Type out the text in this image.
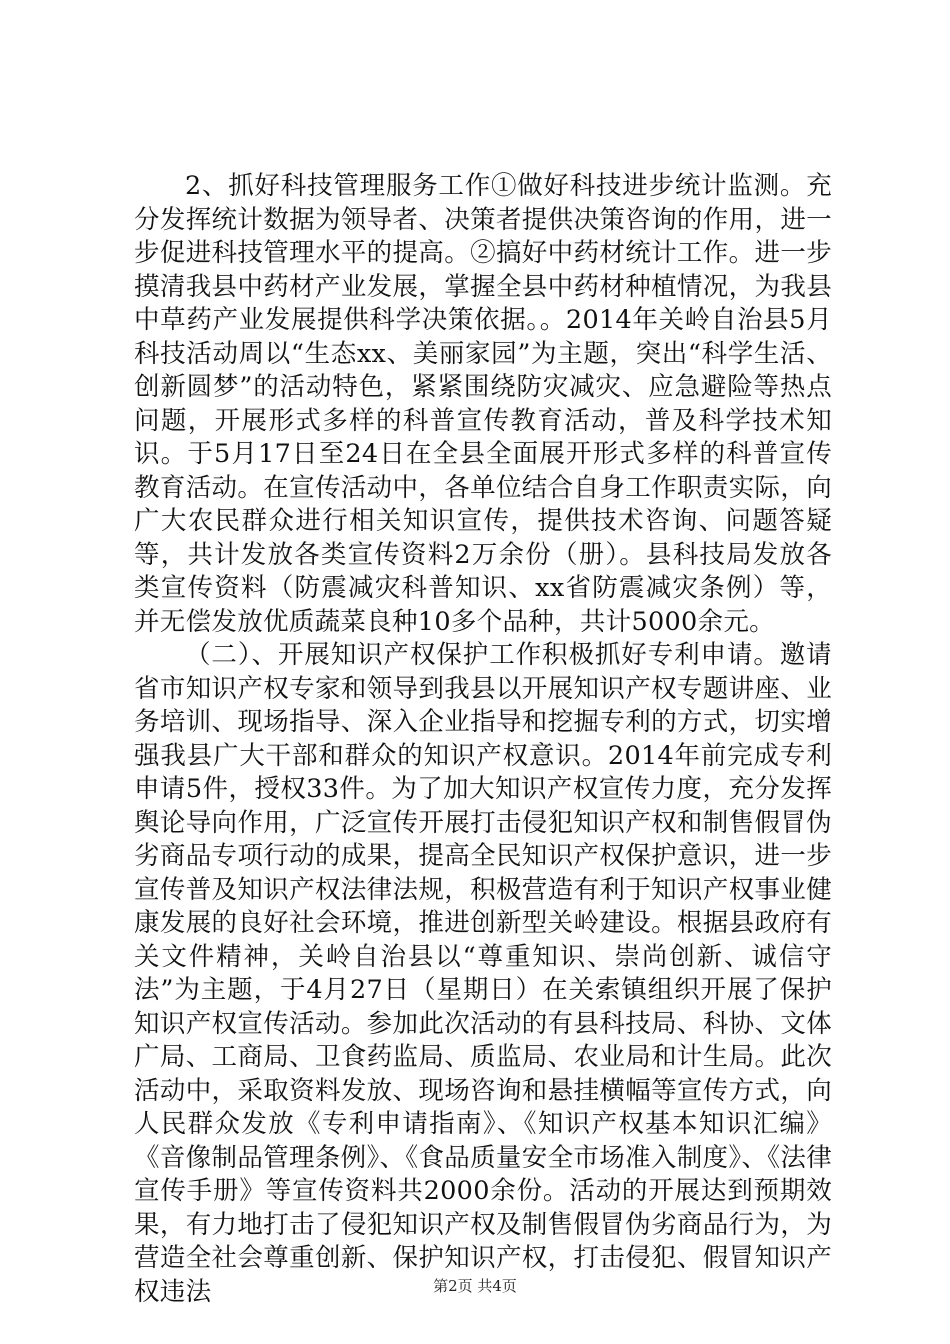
2、抓好科技管理服务工作①做好科技进步统计监测。充分发挥统计数据为领导者、决策者提供决策咨询的作用，进一步促进科技管理水平的提高。②搞好中药材统计工作。进一步摸清我县中药材产业发展，掌握全县中药材种植情况，为我县中草药产业发展提供科学决策依据。。2014年关岭自治县5月科技活动周以“生态xx、美丽家园”为主题，突出“科学生活、创新圆梦”的活动特色，紧紧围绕防灾减灾、应急避险等热点问题，开展形式多样的科普宣传教育活动，普及科学技术知识。于5月17日至24日在全县全面展开形式多样的科普宣传教育活动。在宣传活动中，各单位结合自身工作职责实际，向广大农民群众进行相关知识宣传，提供技术咨询、问题答疑等，共计发放各类宣传资料2万余份（册）。县科技局发放各类宣传资料（防震减灾科普知识、xx省防震减灾条例）等，并无偿发放优质蔬菜良种10多个品种，共计5000余元。

（二）、开展知识产权保护工作积极抓好专利申请。邀请省市知识产权专家和领导到我县以开展知识产权专题讲座、业务培训、现场指导、深入企业指导和挖掘专利的方式，切实增强我县广大干部和群众的知识产权意识。2014年前完成专利申请5件，授权33件。为了加大知识产权宣传力度，充分发挥舆论导向作用，广泛宣传开展打击侵犯知识产权和制售假冒伪劣商品专项行动的成果，提高全民知识产权保护意识，进一步宣传普及知识产权法律法规，积极营造有利于知识产权事业健康发展的良好社会环境，推进创新型关岭建设。根据县政府有关文件精神，关岭自治县以“尊重知识、崇尚创新、诚信守法”为主题，于4月27日（星期日）在关索镇组织开展了保护知识产权宣传活动。参加此次活动的有县科技局、科协、文体广局、工商局、卫食药监局、质监局、农业局和计生局。此次活动中，采取资料发放、现场咨询和悬挂横幅等宣传方式，向人民群众发放《专利申请指南》、《知识产权基本知识汇编》《音像制品管理条例》、《食品质量安全市场准入制度》、《法律宣传手册》等宣传资料共2000余份。活动的开展达到预期效果，有力地打击了侵犯知识产权及制售假冒伪劣商品行为，为营造全社会尊重创新、保护知识产权，打击侵犯、假冒知识产权违法	第2页 共4页
